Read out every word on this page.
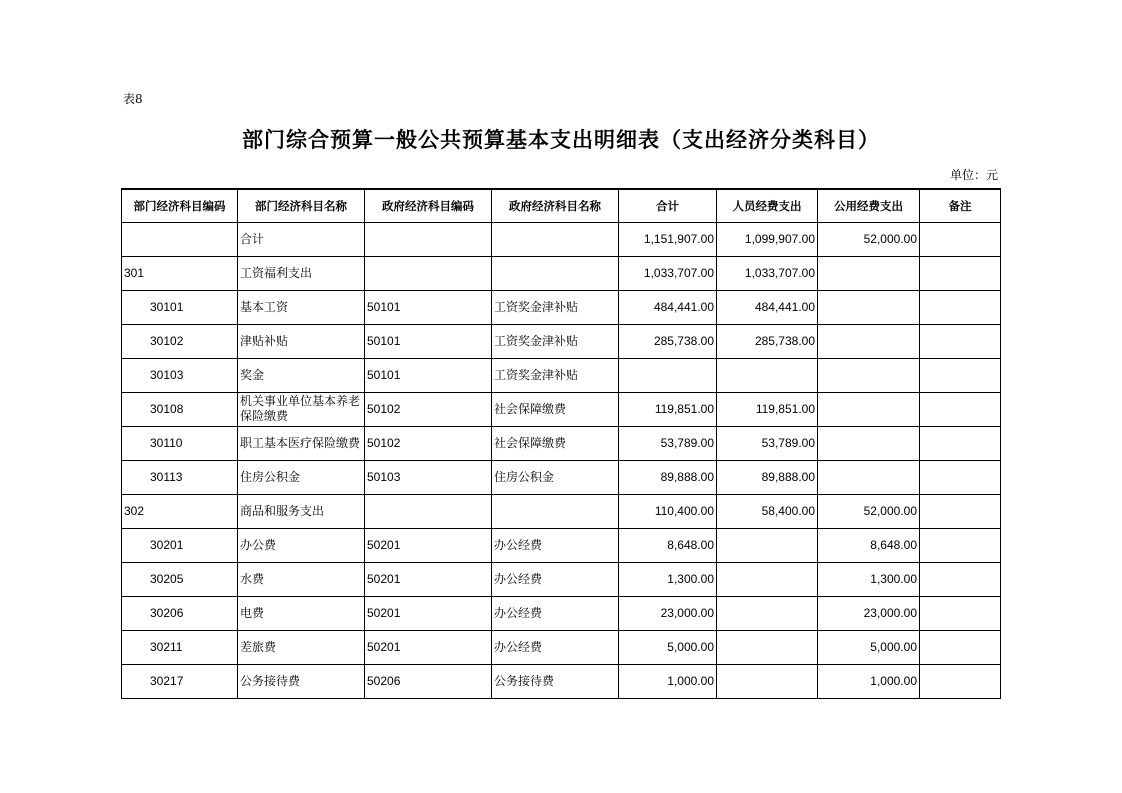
表8
部门综合预算一般公共预算基本支出明细表（支出经济分类科目）
单位：元
部门经济科目编码	部门经济科目名称	政府经济科目编码	政府经济科目名称	合计	人员经费支出	公用经费支出	备注
	合计			1,151,907.00	1,099,907.00	52,000.00	
301	工资福利支出			1,033,707.00	1,033,707.00		
30101	基本工资	50101	工资奖金津补贴	484,441.00	484,441.00		
30102	津贴补贴	50101	工资奖金津补贴	285,738.00	285,738.00		
30103	奖金	50101	工资奖金津补贴				
30108	机关事业单位基本养老保险缴费	50102	社会保障缴费	119,851.00	119,851.00		
30110	职工基本医疗保险缴费	50102	社会保障缴费	53,789.00	53,789.00		
30113	住房公积金	50103	住房公积金	89,888.00	89,888.00		
302	商品和服务支出			110,400.00	58,400.00	52,000.00	
30201	办公费	50201	办公经费	8,648.00		8,648.00	
30205	水费	50201	办公经费	1,300.00		1,300.00	
30206	电费	50201	办公经费	23,000.00		23,000.00	
30211	差旅费	50201	办公经费	5,000.00		5,000.00	
30217	公务接待费	50206	公务接待费	1,000.00		1,000.00	
